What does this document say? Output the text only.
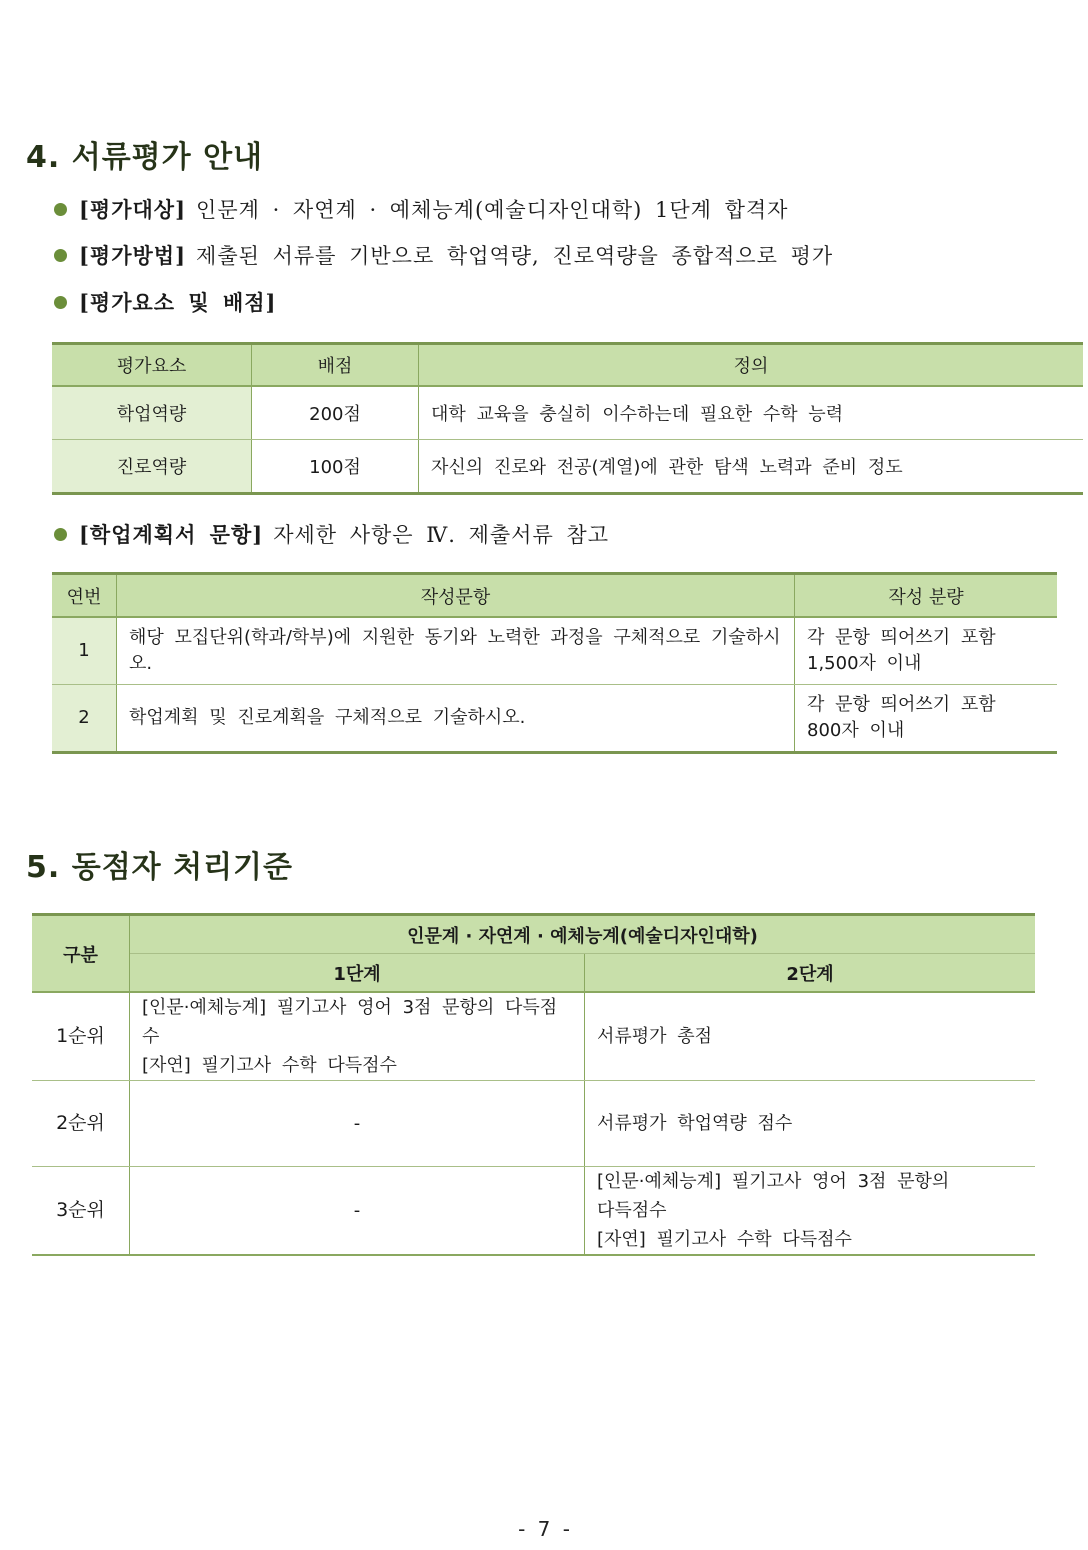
4. 서류평가 안내
[평가대상] 인문계 · 자연계 · 예체능계(예술디자인대학) 1단계 합격자
[평가방법] 제출된 서류를 기반으로 학업역량, 진로역량을 종합적으로 평가
[평가요소 및 배점]
평가요소	배점	정의
학업역량	200점	대학 교육을 충실히 이수하는데 필요한 수학 능력
진로역량	100점	자신의 진로와 전공(계열)에 관한 탐색 노력과 준비 정도
[학업계획서 문항] 자세한 사항은 Ⅳ. 제출서류 참고
연번	작성문항	작성 분량
1	해당 모집단위(학과/학부)에 지원한 동기와 노력한 과정을 구체적으로 기술하시오.	각 문항 띄어쓰기 포함
1,500자 이내

2	학업계획 및 진로계획을 구체적으로 기술하시오.	각 문항 띄어쓰기 포함
800자 이내
5. 동점자 처리기준
구분	인문계 · 자연계 · 예체능계(예술디자인대학)	
	1단계	2단계
1순위	[인문·예체능계] 필기고사 영어 3점 문항의 다득점수
[자연] 필기고사 수학 다득점수	서류평가 총점

2순위	-	서류평가 학업역량 점수

3순위	-	[인문·예체능계] 필기고사 영어 3점 문항의
다득점수
[자연] 필기고사 수학 다득점수
- 7 -
